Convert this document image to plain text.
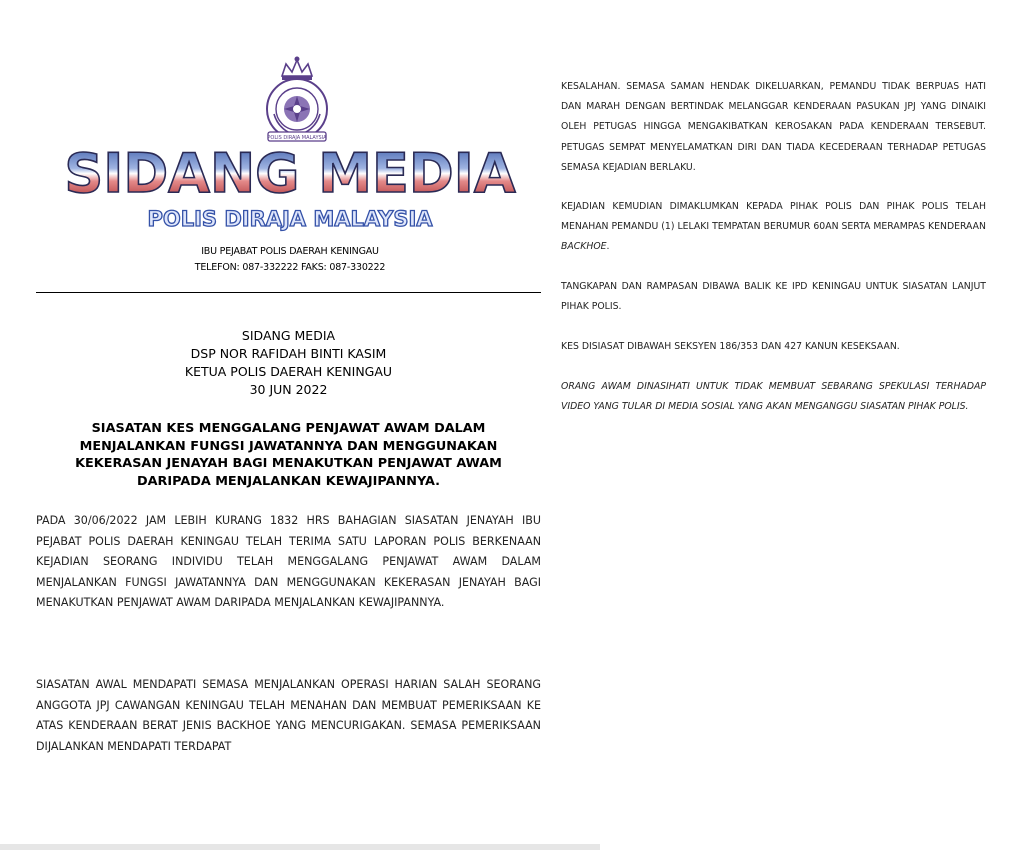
POLIS DIRAJA MALAYSIA
SIDANG MEDIA
POLIS DIRAJA MALAYSIA
IBU PEJABAT POLIS DAERAH KENINGAU
TELEFON: 087-332222 FAKS: 087-330222
SIDANG MEDIA
DSP NOR RAFIDAH BINTI KASIM
KETUA POLIS DAERAH KENINGAU
30 JUN 2022
SIASATAN KES MENGGALANG PENJAWAT AWAM DALAM MENJALANKAN FUNGSI JAWATANNYA DAN MENGGUNAKAN KEKERASAN JENAYAH BAGI MENAKUTKAN PENJAWAT AWAM DARIPADA MENJALANKAN KEWAJIPANNYA.
PADA 30/06/2022 JAM LEBIH KURANG 1832 HRS BAHAGIAN SIASATAN JENAYAH IBU PEJABAT POLIS DAERAH KENINGAU TELAH TERIMA SATU LAPORAN POLIS BERKENAAN KEJADIAN SEORANG INDIVIDU TELAH MENGGALANG PENJAWAT AWAM DALAM MENJALANKAN FUNGSI JAWATANNYA DAN MENGGUNAKAN KEKERASAN JENAYAH BAGI MENAKUTKAN PENJAWAT AWAM DARIPADA MENJALANKAN KEWAJIPANNYA.
SIASATAN AWAL MENDAPATI SEMASA MENJALANKAN OPERASI HARIAN SALAH SEORANG ANGGOTA JPJ CAWANGAN KENINGAU TELAH MENAHAN DAN MEMBUAT PEMERIKSAAN KE ATAS KENDERAAN BERAT JENIS BACKHOE YANG MENCURIGAKAN. SEMASA PEMERIKSAAN DIJALANKAN MENDAPATI TERDAPAT
KESALAHAN. SEMASA SAMAN HENDAK DIKELUARKAN, PEMANDU TIDAK BERPUAS HATI DAN MARAH DENGAN BERTINDAK MELANGGAR KENDERAAN PASUKAN JPJ YANG DINAIKI OLEH PETUGAS HINGGA MENGAKIBATKAN KEROSAKAN PADA KENDERAAN TERSEBUT. PETUGAS SEMPAT MENYELAMATKAN DIRI DAN TIADA KECEDERAAN TERHADAP PETUGAS SEMASA KEJADIAN BERLAKU.
KEJADIAN KEMUDIAN DIMAKLUMKAN KEPADA PIHAK POLIS DAN PIHAK POLIS TELAH MENAHAN PEMANDU (1) LELAKI TEMPATAN BERUMUR 60AN SERTA MERAMPAS KENDERAAN BACKHOE.
TANGKAPAN DAN RAMPASAN DIBAWA BALIK KE IPD KENINGAU UNTUK SIASATAN LANJUT PIHAK POLIS.
KES DISIASAT DIBAWAH SEKSYEN 186/353 DAN 427 KANUN KESEKSAAN.
ORANG AWAM DINASIHATI UNTUK TIDAK MEMBUAT SEBARANG SPEKULASI TERHADAP VIDEO YANG TULAR DI MEDIA SOSIAL YANG AKAN MENGANGGU SIASATAN PIHAK POLIS.
